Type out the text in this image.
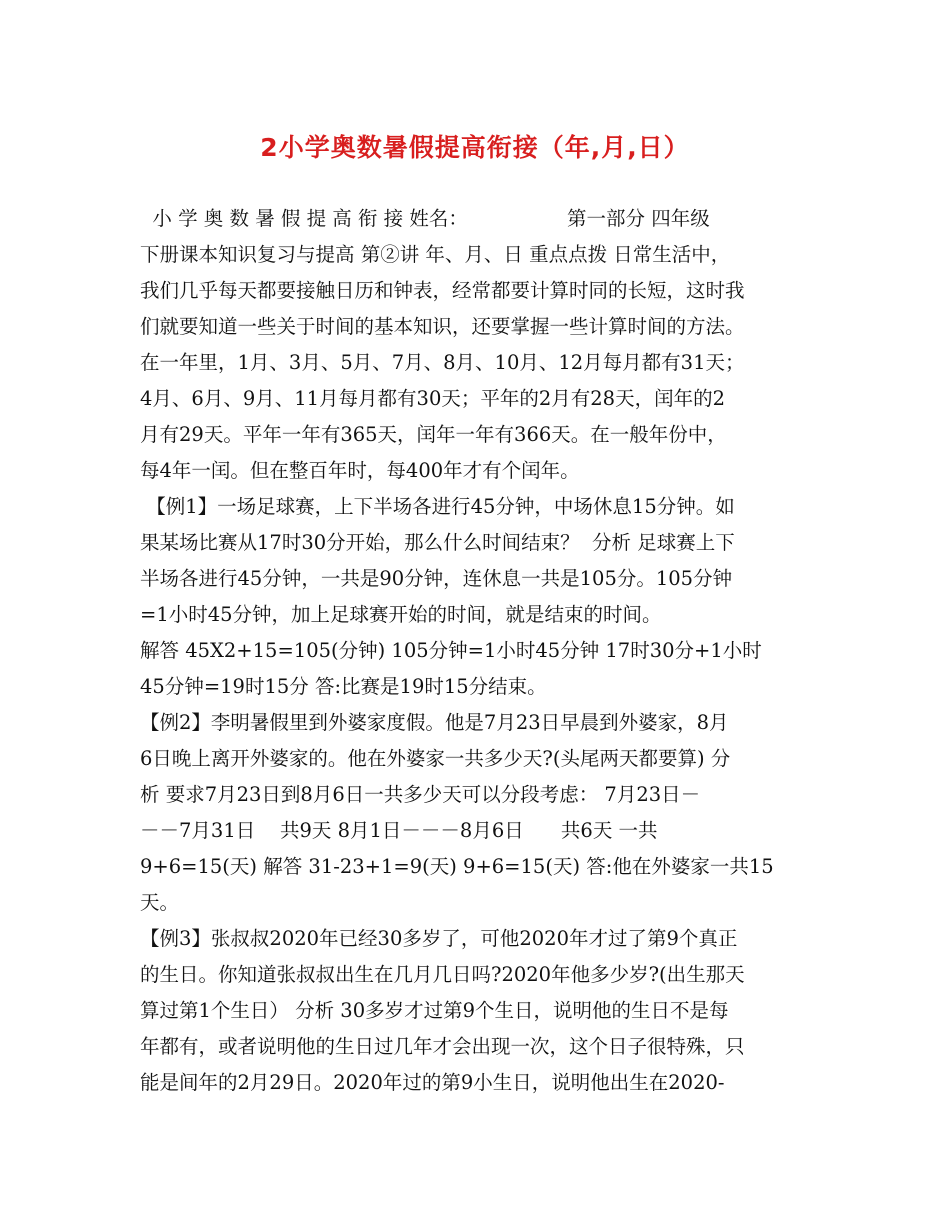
2小学奥数暑假提高衔接（年,月,日）
小 学 奥 数 暑 假 提 高 衔 接 姓名：                第一部分 四年级
下册课本知识复习与提高 第②讲 年、月、日 重点点拨 日常生活中，
我们几乎每天都要接触日历和钟表，经常都要计算时同的长短，这时我
们就要知道一些关于时间的基本知识，还要掌握一些计算时间的方法。
在一年里，1月、3月、5月、7月、8月、10月、12月每月都有31天；
4月、6月、9月、11月每月都有30天；平年的2月有28天，闰年的2
月有29天。平年一年有365天，闰年一年有366天。在一般年份中，
每4年一闰。但在整百年时，每400年才有个闰年。
【例1】一场足球赛，上下半场各进行45分钟，中场休息15分钟。如
果某场比赛从17时30分开始，那么什么时间结束？  分析 足球赛上下
半场各进行45分钟，一共是90分钟，连休息一共是105分。105分钟
=1小时45分钟，加上足球赛开始的时间，就是结束的时间。
解答 45X2+15=105(分钟) 105分钟=1小时45分钟 17时30分+1小时
45分钟=19时15分 答:比赛是19时15分结束。
【例2】李明暑假里到外婆家度假。他是7月23日早晨到外婆家，8月
6日晚上离开外婆家的。他在外婆家一共多少天?(头尾两天都要算) 分
析 要求7月23日到8月6日一共多少天可以分段考虑： 7月23日－
－－7月31日    共9天 8月1日－－－8月6日      共6天 一共
9+6=15(天) 解答 31-23+1=9(天) 9+6=15(天) 答:他在外婆家一共15
天。
【例3】张叔叔2020年已经30多岁了，可他2020年才过了第9个真正
的生日。你知道张叔叔出生在几月几日吗?2020年他多少岁?(出生那天
算过第1个生日） 分析 30多岁才过第9个生日，说明他的生日不是每
年都有，或者说明他的生日过几年才会出现一次，这个日子很特殊，只
能是间年的2月29日。2020年过的第9小生日，说明他出生在2020-
